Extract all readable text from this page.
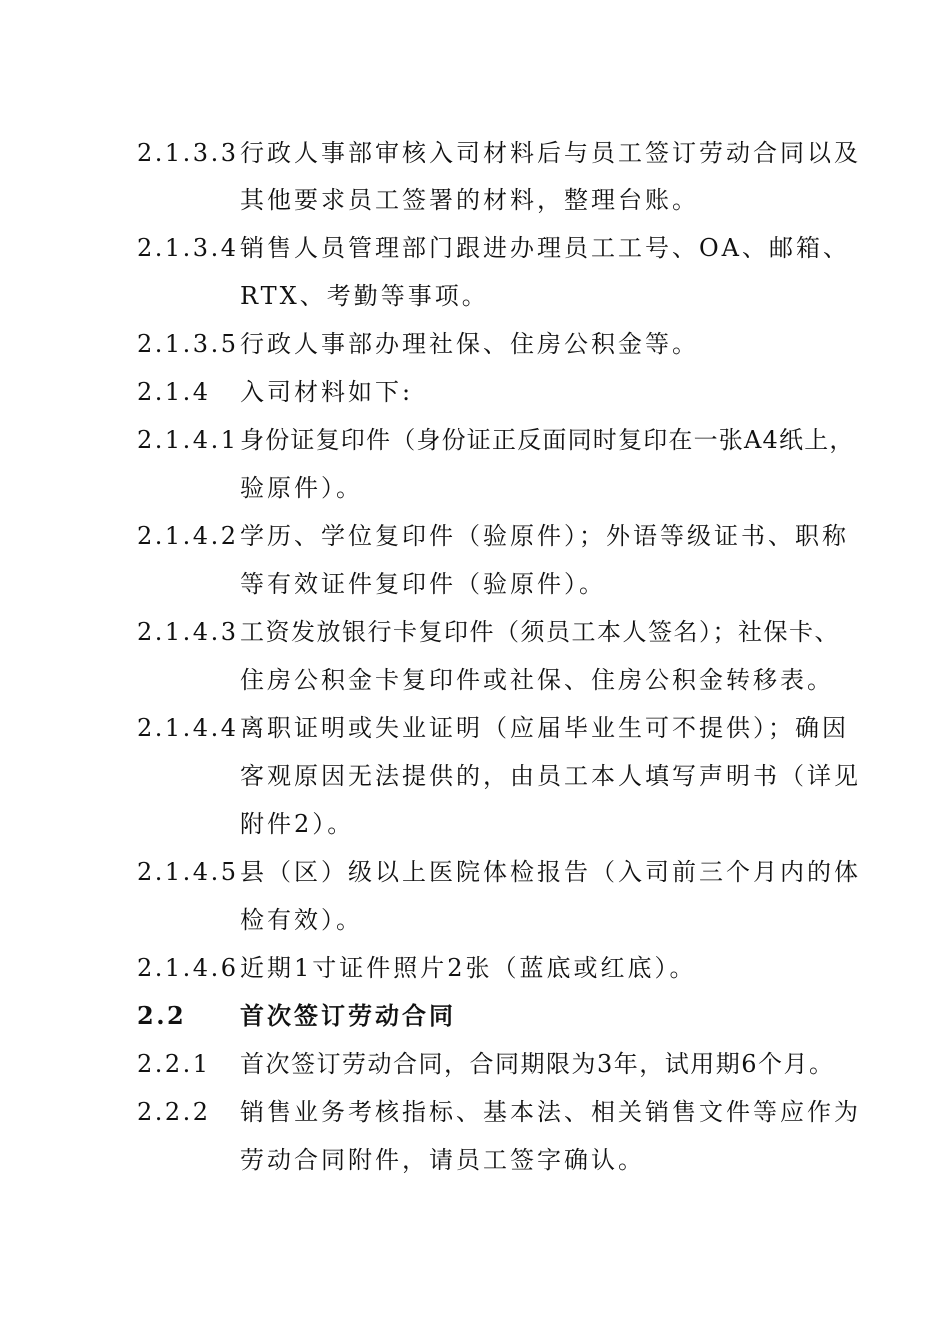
2.1.3.3 行政人事部审核入司材料后与员工签订劳动合同以及
其他要求员工签署的材料，整理台账。
2.1.3.4 销售人员管理部门跟进办理员工工号、OA、邮箱、
RTX、考勤等事项。
2.1.3.5 行政人事部办理社保、住房公积金等。
2.1.4 入司材料如下:
2.1.4.1 身份证复印件（身份证正反面同时复印在一张A4纸上，
验原件）。
2.1.4.2 学历、学位复印件（验原件）；外语等级证书、职称
等有效证件复印件（验原件）。
2.1.4.3 工资发放银行卡复印件（须员工本人签名）；社保卡、
住房公积金卡复印件或社保、住房公积金转移表。
2.1.4.4 离职证明或失业证明（应届毕业生可不提供）；确因
客观原因无法提供的，由员工本人填写声明书（详见
附件2）。
2.1.4.5 县（区）级以上医院体检报告（入司前三个月内的体
检有效）。
2.1.4.6 近期1寸证件照片2张（蓝底或红底）。
2.2 首次签订劳动合同
2.2.1 首次签订劳动合同，合同期限为3年，试用期6个月。
2.2.2 销售业务考核指标、基本法、相关销售文件等应作为
劳动合同附件，请员工签字确认。
